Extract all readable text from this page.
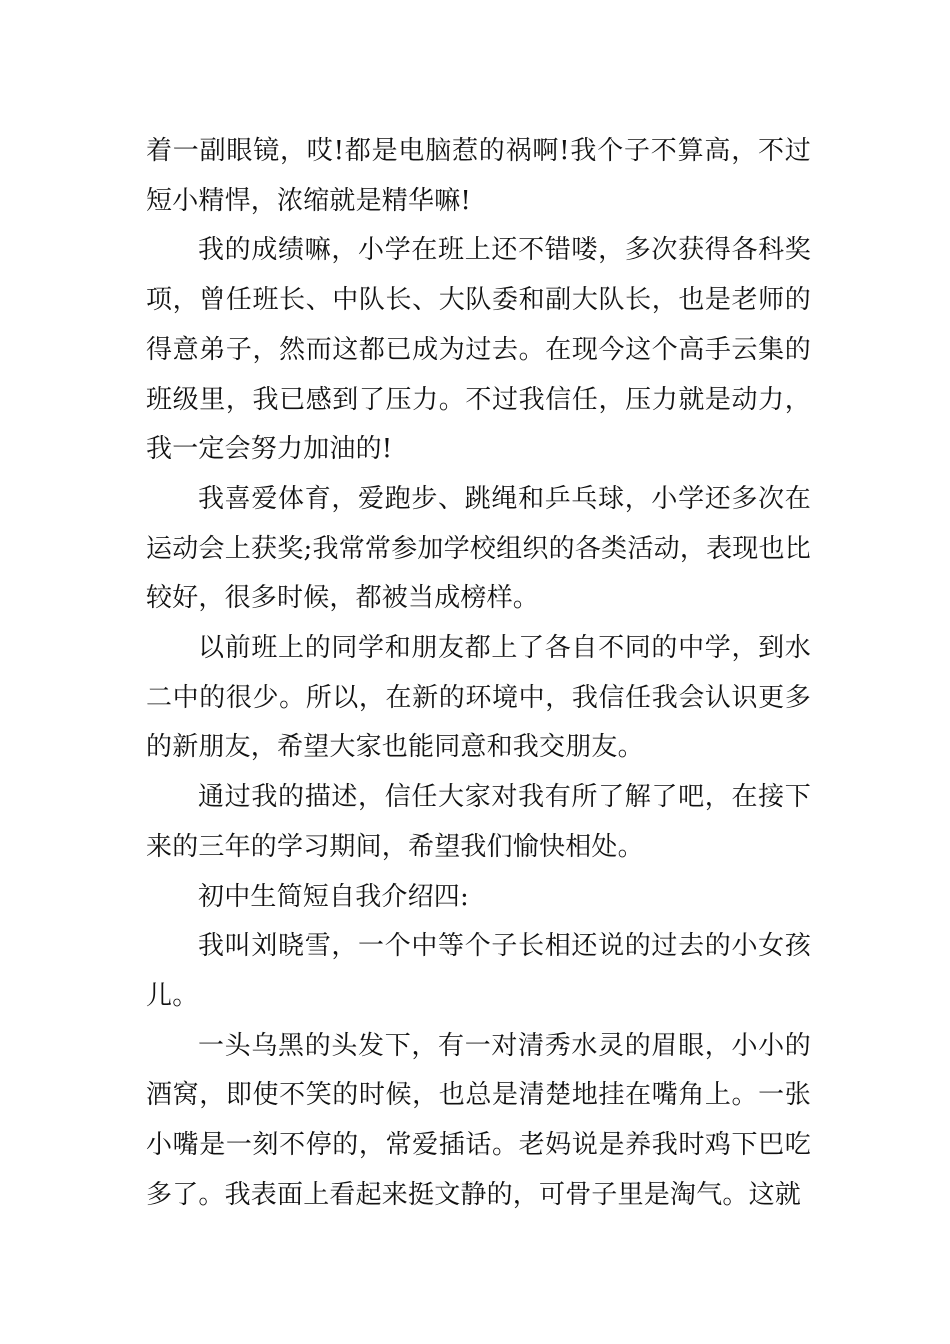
着一副眼镜，哎!都是电脑惹的祸啊!我个子不算高，不过短小精悍，浓缩就是精华嘛!

我的成绩嘛，小学在班上还不错喽，多次获得各科奖项，曾任班长、中队长、大队委和副大队长，也是老师的得意弟子，然而这都已成为过去。在现今这个高手云集的班级里，我已感到了压力。不过我信任，压力就是动力，我一定会努力加油的!

我喜爱体育，爱跑步、跳绳和乒乓球，小学还多次在运动会上获奖;我常常参加学校组织的各类活动，表现也比较好，很多时候，都被当成榜样。

以前班上的同学和朋友都上了各自不同的中学，到水二中的很少。所以，在新的环境中，我信任我会认识更多的新朋友，希望大家也能同意和我交朋友。

通过我的描述，信任大家对我有所了解了吧，在接下来的三年的学习期间，希望我们愉快相处。

初中生简短自我介绍四:

我叫刘晓雪，一个中等个子长相还说的过去的小女孩儿。

一头乌黑的头发下，有一对清秀水灵的眉眼，小小的酒窝，即使不笑的时候，也总是清楚地挂在嘴角上。一张小嘴是一刻不停的，常爱插话。老妈说是养我时鸡下巴吃多了。我表面上看起来挺文静的，可骨子里是淘气。这就
